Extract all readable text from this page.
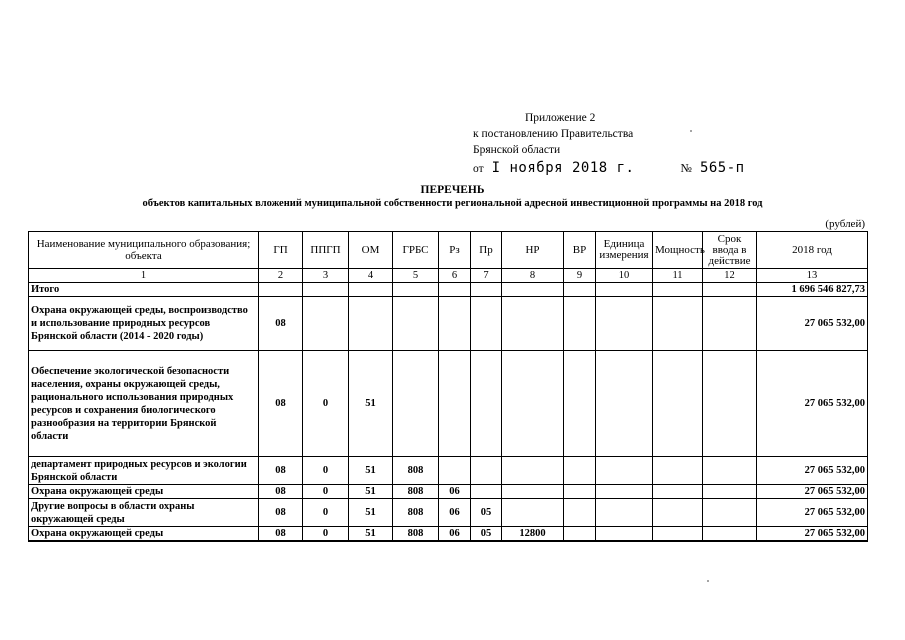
Приложение 2
к постановлению Правительства
Брянской области
от I ноября 2018 г.	№ 565-п
ПЕРЕЧЕНЬ
объектов капитальных вложений муниципальной собственности региональной адресной инвестиционной программы на 2018 год
(рублей)
Наименование муниципального образования; объекта	ГП	ППГП	ОМ	ГРБС	Рз	Пр	НР	ВР	Единица измерения	Мощность	Срок ввода в действие	2018 год
1	2	3	4	5	6	7	8	9	10	11	12	13
Итого												1 696 546 827,73
Охрана окружающей среды, воспроизводство и использование природных ресурсов Брянской области (2014 - 2020 годы)	08											27 065 532,00
Обеспечение экологической безопасности населения, охраны окружающей среды, рационального использования природных ресурсов и сохранения биологического разнообразия на территории Брянской области	08	0	51									27 065 532,00
департамент природных ресурсов и экологии Брянской области	08	0	51	808								27 065 532,00
Охрана окружающей среды	08	0	51	808	06							27 065 532,00
Другие вопросы в области охраны окружающей среды	08	0	51	808	06	05						27 065 532,00
Охрана окружающей среды	08	0	51	808	06	05	12800					27 065 532,00
